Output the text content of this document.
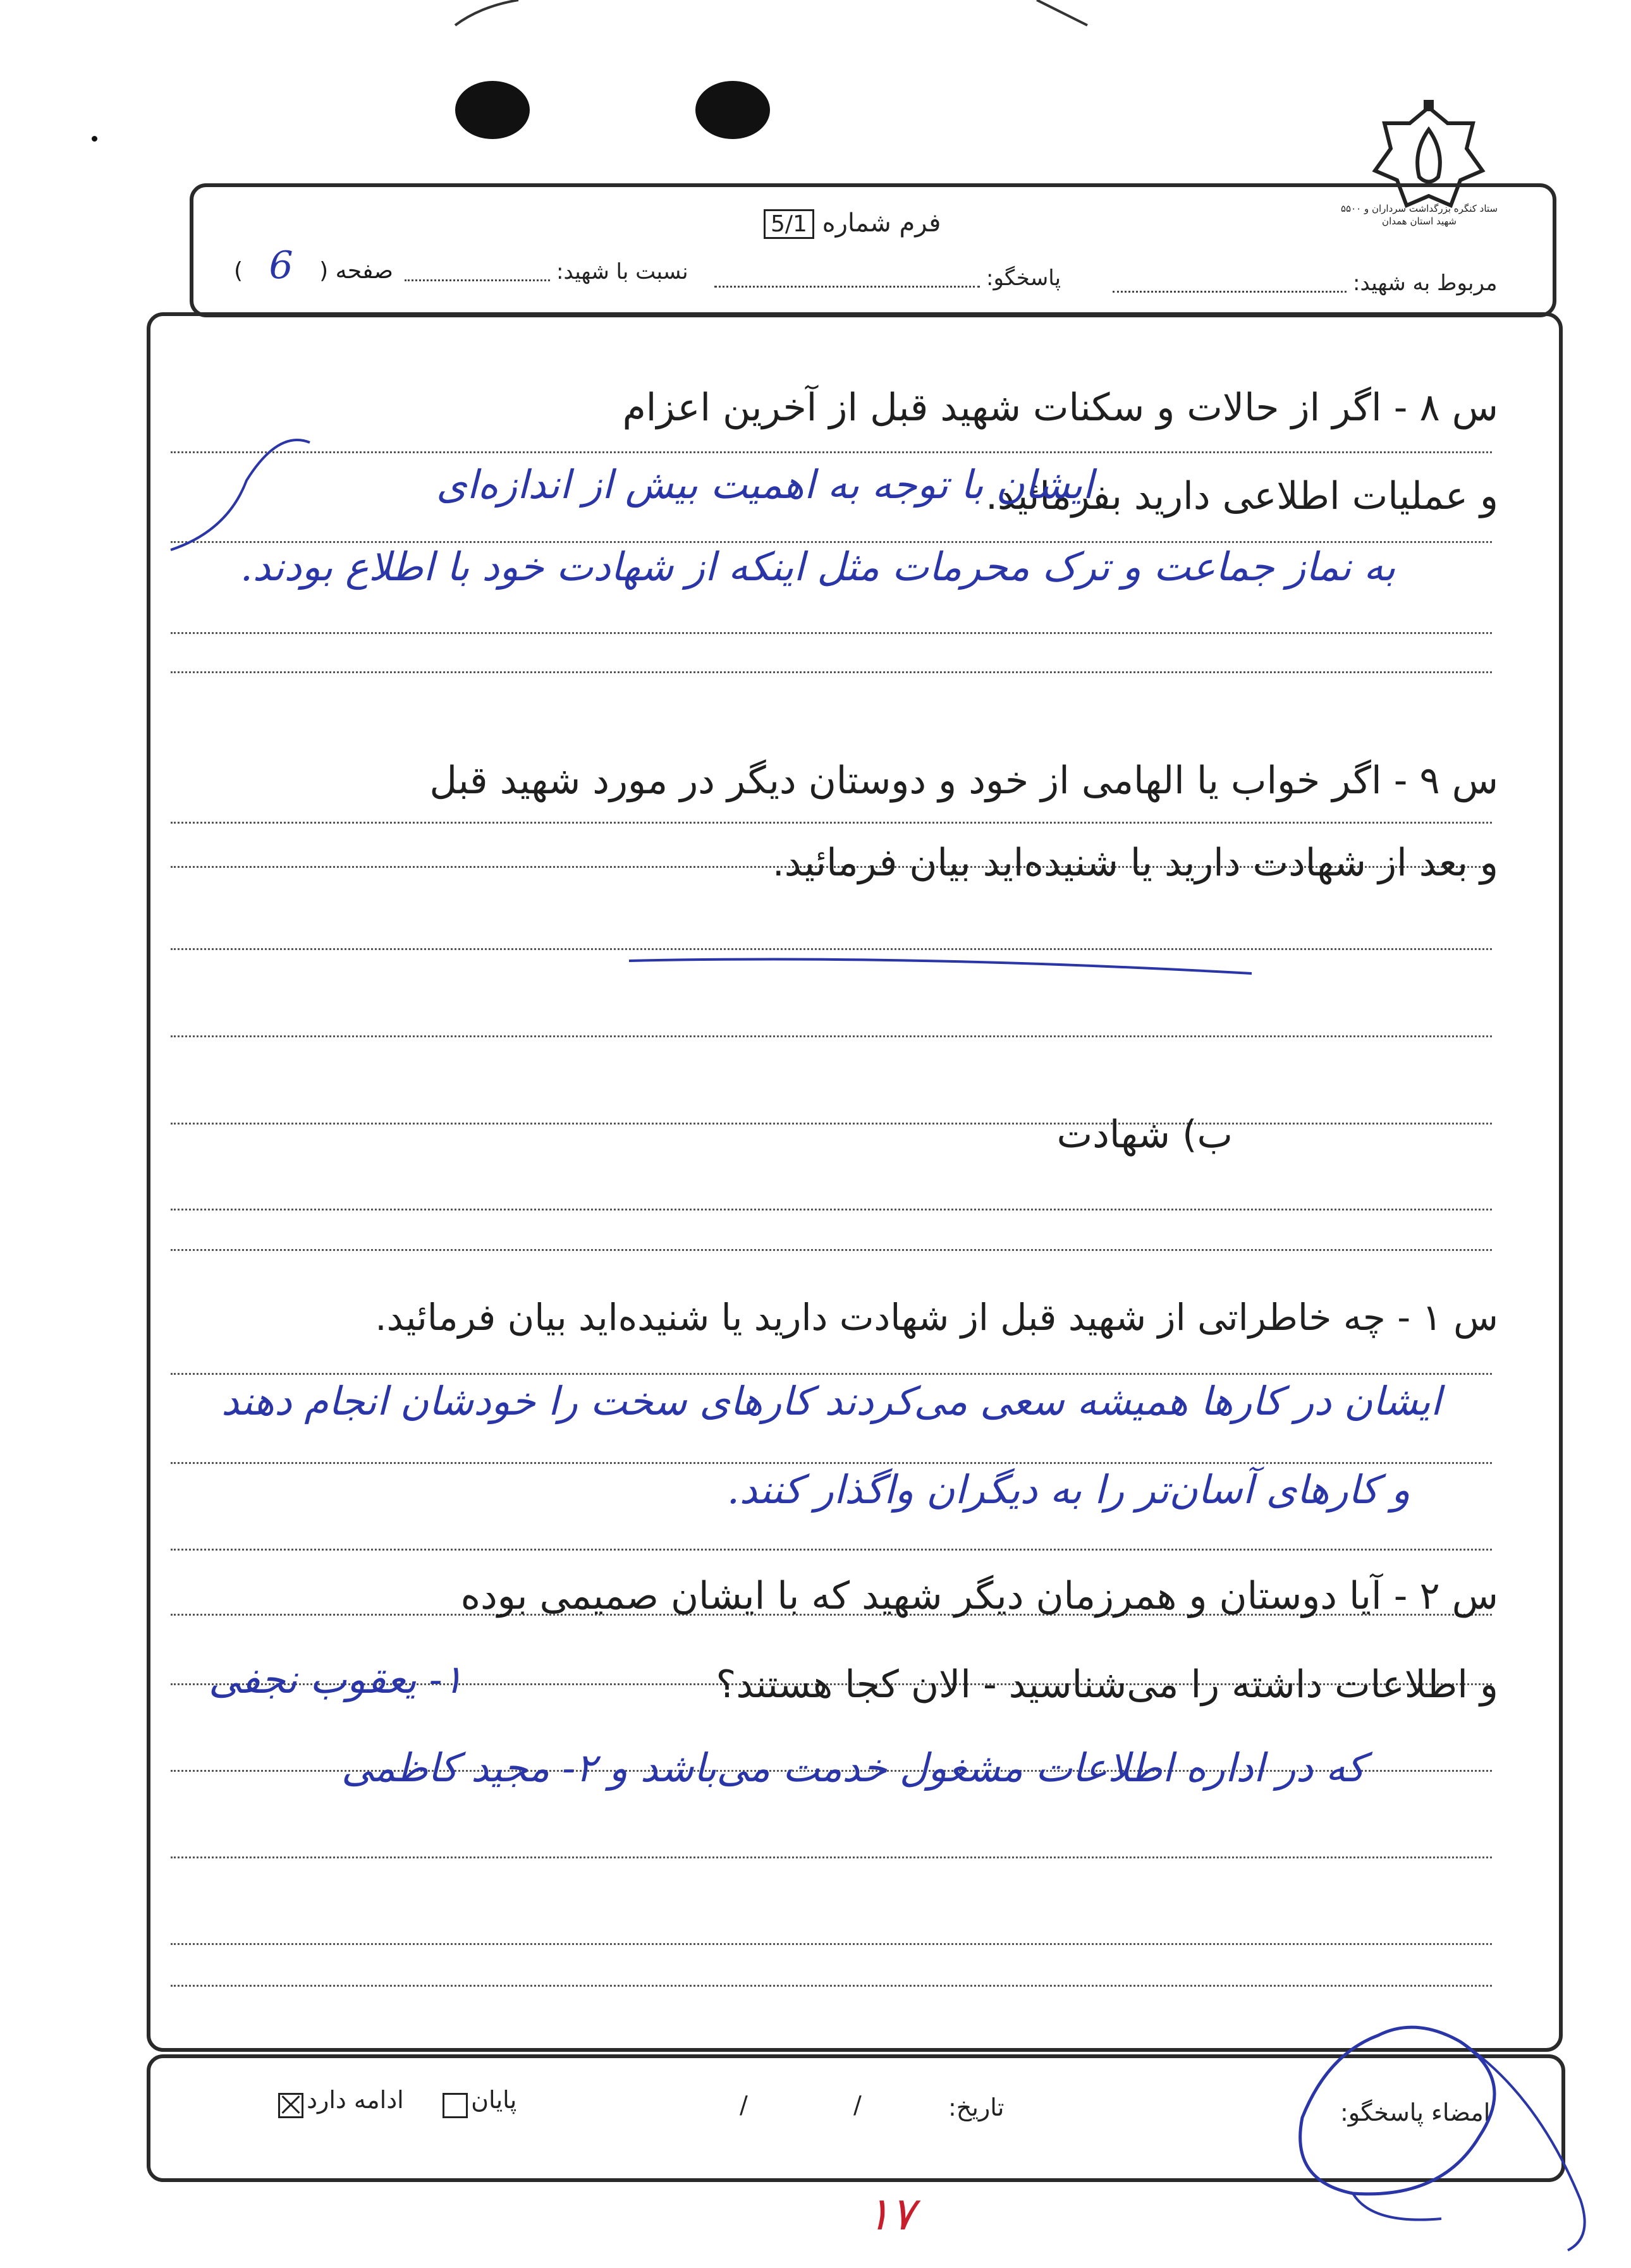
ستاد کنگره بزرگداشت سرداران و ۵۵۰۰ شهید استان همدان
فرم شماره 5/1
مربوط به شهید:
پاسخگو:
نسبت با شهید:
صفحه ( 6 )
س ۸ - اگر از حالات و سکنات شهید قبل از آخرین اعزام
و عملیات اطلاعی دارید بفرمائید.
ایشان با توجه به اهمیت بیش از اندازه‌ای
به نماز جماعت و ترک محرمات مثل اینکه از شهادت خود با اطلاع بودند.
س ۹ - اگر خواب یا الهامی از خود و دوستان دیگر در مورد شهید قبل
و بعد از شهادت دارید یا شنیده‌اید بیان فرمائید.
ب) شهادت
س ۱ - چه خاطراتی از شهید قبل از شهادت دارید یا شنیده‌اید بیان فرمائید.
ایشان در کارها همیشه سعی می‌کردند کارهای سخت را خودشان انجام دهند
و کارهای آسان‌تر را به دیگران واگذار کنند.
س ۲ - آیا دوستان و همرزمان دیگر شهید که با ایشان صمیمی بوده
و اطلاعات داشته را می‌شناسید - الان کجا هستند؟
۱- یعقوب نجفی
که در اداره اطلاعات مشغول خدمت می‌باشد و ۲- مجید کاظمی
امضاء پاسخگو:
تاریخ:
/
/
پایان
ادامه دارد
۱۷
